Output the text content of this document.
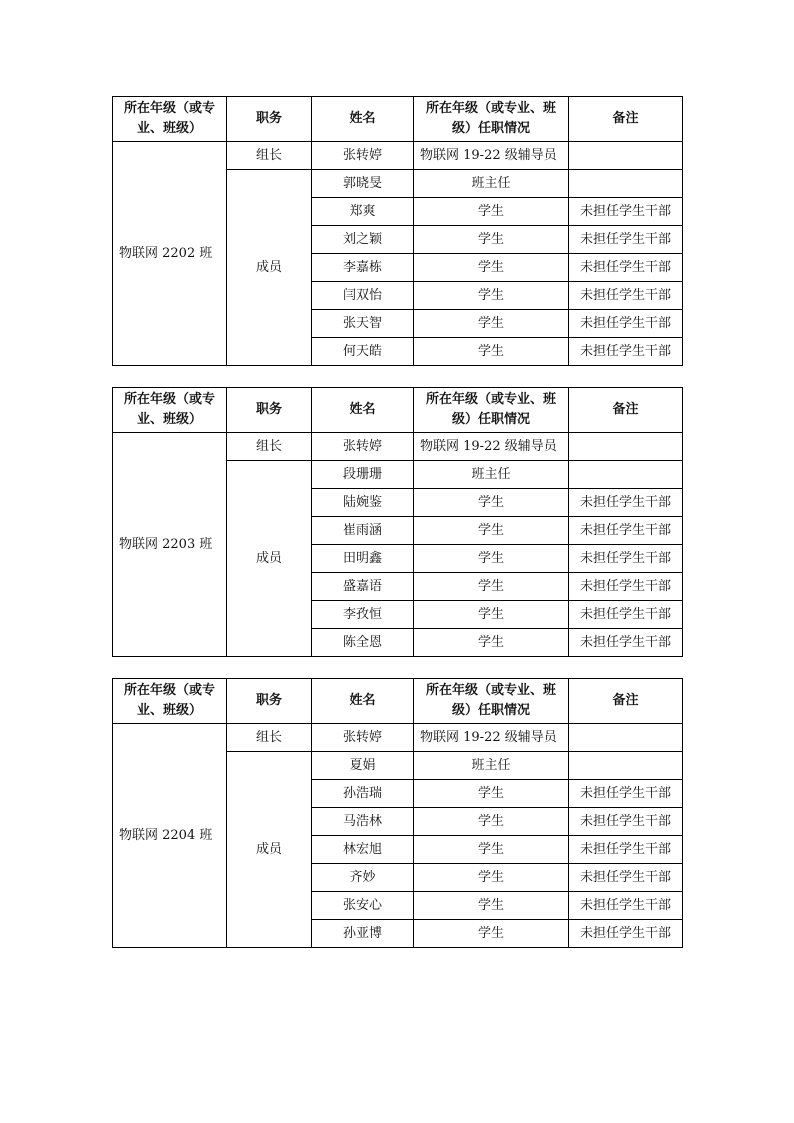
所在年级（或专业、班级）	职务	姓名	所在年级（或专业、班级）任职情况	备注
物联网 2202 班	组长	张转婷	物联网 19-22 级辅导员	
	成员	郭晓旻	班主任	
		郑爽	学生	未担任学生干部
		刘之颖	学生	未担任学生干部
		李嘉栋	学生	未担任学生干部
		闫双怡	学生	未担任学生干部
		张天智	学生	未担任学生干部
		何天皓	学生	未担任学生干部
所在年级（或专业、班级）	职务	姓名	所在年级（或专业、班级）任职情况	备注
物联网 2203 班	组长	张转婷	物联网 19-22 级辅导员	
	成员	段珊珊	班主任	
		陆婉鉴	学生	未担任学生干部
		崔雨涵	学生	未担任学生干部
		田明鑫	学生	未担任学生干部
		盛嘉语	学生	未担任学生干部
		李孜恒	学生	未担任学生干部
		陈全恩	学生	未担任学生干部
所在年级（或专业、班级）	职务	姓名	所在年级（或专业、班级）任职情况	备注
物联网 2204 班	组长	张转婷	物联网 19-22 级辅导员	
	成员	夏娟	班主任	
		孙浩瑞	学生	未担任学生干部
		马浩林	学生	未担任学生干部
		林宏旭	学生	未担任学生干部
		齐妙	学生	未担任学生干部
		张安心	学生	未担任学生干部
		孙亚博	学生	未担任学生干部
